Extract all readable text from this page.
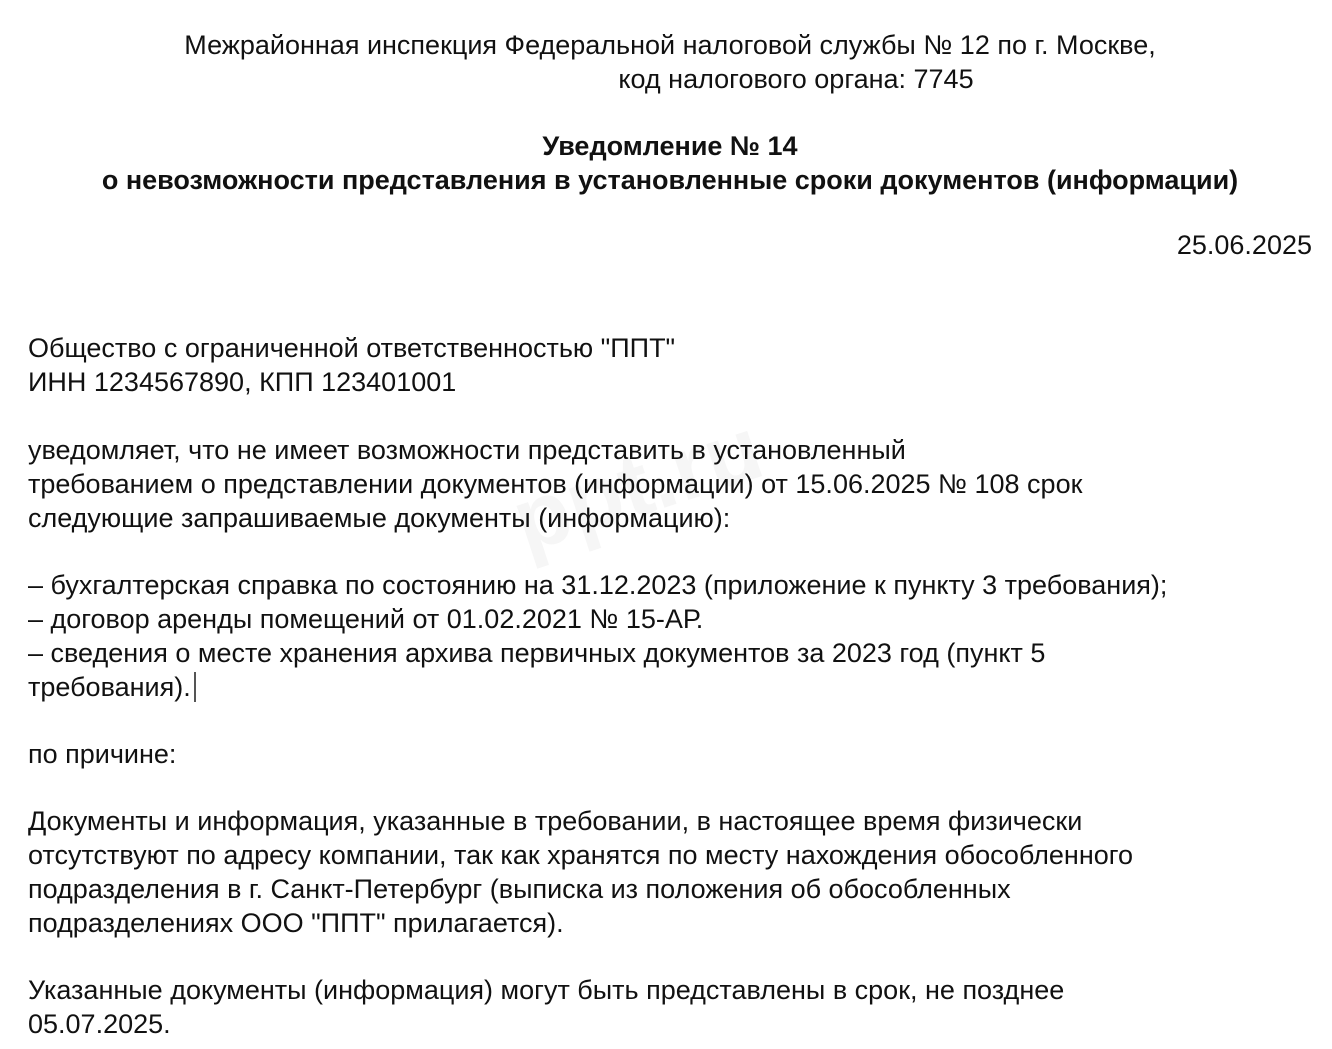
Межрайонная инспекция Федеральной налоговой службы № 12 по г. Москве,
код налогового органа: 7745
Уведомление № 14
о невозможности представления в установленные сроки документов (информации)
25.06.2025
Общество с ограниченной ответственностью "ППТ"
ИНН 1234567890, КПП 123401001
уведомляет, что не имеет возможности представить в установленный
требованием о представлении документов (информации) от 15.06.2025 № 108 срок
следующие запрашиваемые документы (информацию):
– бухгалтерская справка по состоянию на 31.12.2023 (приложение к пункту 3 требования);
– договор аренды помещений от 01.02.2021 № 15-АР.
– сведения о месте хранения архива первичных документов за 2023 год (пункт 5 требования).
по причине:
Документы и информация, указанные в требовании, в настоящее время физически
отсутствуют по адресу компании, так как хранятся по месту нахождения обособленного
подразделения в г. Санкт-Петербург (выписка из положения об обособленных
подразделениях ООО "ППТ" прилагается).
Указанные документы (информация) могут быть представлены в срок, не позднее
05.07.2025.
